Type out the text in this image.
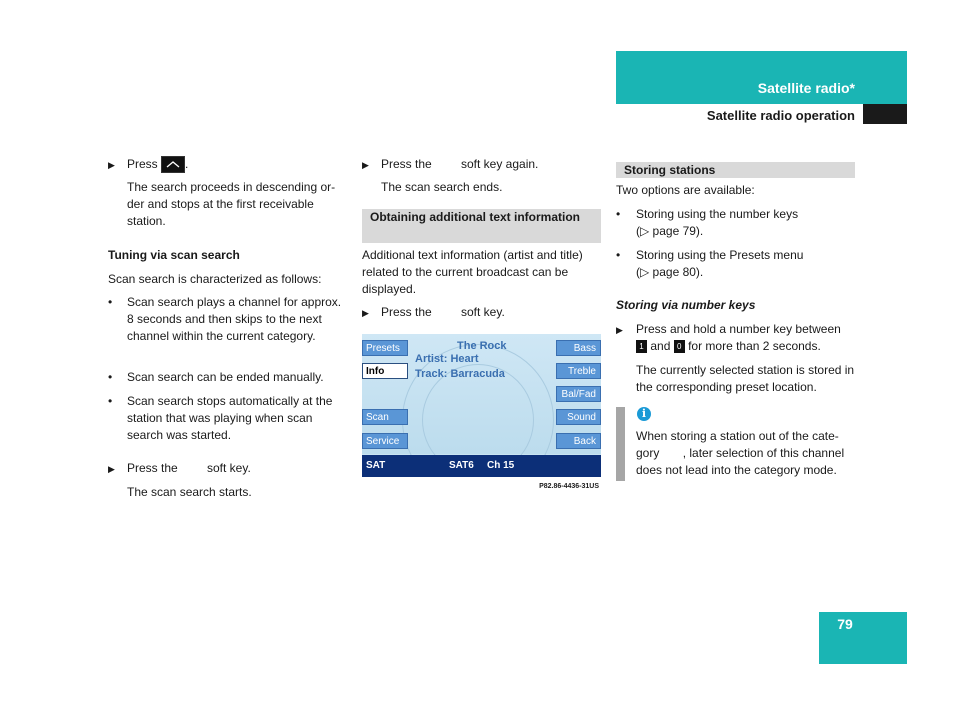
Satellite radio*
Satellite radio operation
▶ Press .
The search proceeds in descending or-der and stops at the first receivable station.
Tuning via scan search
Scan search is characterized as follows:
• Scan search plays a channel for approx. 8 seconds and then skips to the next channel within the current category.
• Scan search can be ended manually.
• Scan search stops automatically at the station that was playing when scan search was started.
▶ Press the soft key.
The scan search starts.
▶ Press the soft key again.
The scan search ends.
Obtaining additional text information
Additional text information (artist and title) related to the current broadcast can be displayed.
▶ Press the soft key.
Presets
Info
Scan
Service
Bass
Treble
Bal/Fad
Sound
Back
The Rock
Artist: Heart
Track: Barracuda
SAT	SAT6 Ch 15
P82.86-4436-31US
Storing stations
Two options are available:
• Storing using the number keys
(▷ page 79).
• Storing using the Presets menu
(▷ page 80).
Storing via number keys
▶ Press and hold a number key between
1 and 0 for more than 2 seconds.
The currently selected station is stored in the corresponding preset location.
i
When storing a station out of the cate-gory , later selection of this channel does not lead into the category mode.
79
